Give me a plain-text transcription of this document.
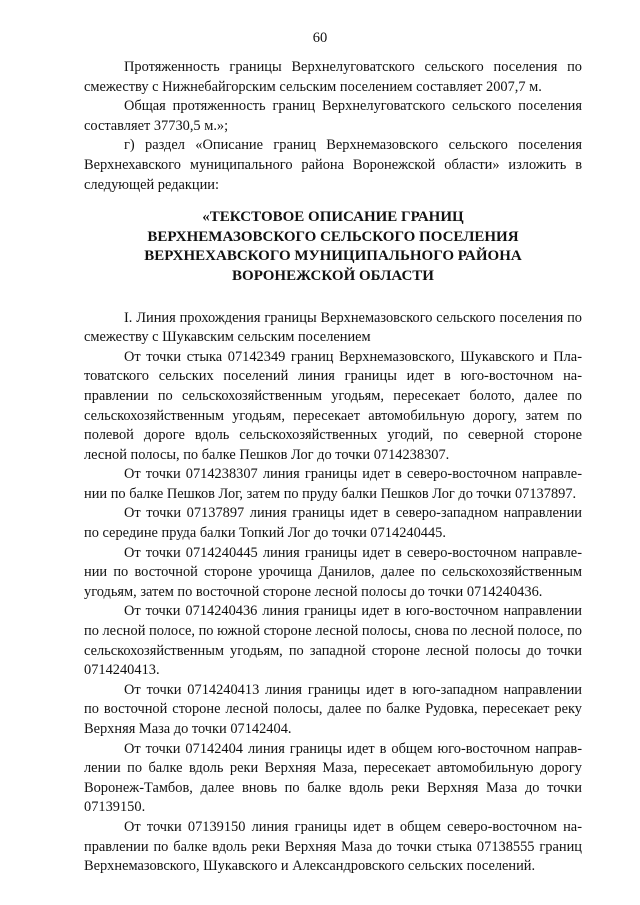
60

Протяженность границы Верхнелуговатского сельского поселения по смежеству с Нижнебайгорским сельским поселением составляет 2007,7 м.

Общая протяженность границ Верхнелуговатского сельского поселения составляет 37730,5 м.»;

г) раздел «Описание границ Верхнемазовского сельского поселения Верхнехавского муниципального района Воронежской области» изложить в следующей редакции:

«ТЕКСТОВОЕ ОПИСАНИЕ ГРАНИЦ
ВЕРХНЕМАЗОВСКОГО СЕЛЬСКОГО ПОСЕЛЕНИЯ
ВЕРХНЕХАВСКОГО МУНИЦИПАЛЬНОГО РАЙОНА
ВОРОНЕЖСКОЙ ОБЛАСТИ

I. Линия прохождения границы Верхнемазовского сельского поселения по смежеству с Шукавским сельским поселением

От точки стыка 07142349 границ Верхнемазовского, Шукавского и Платоватского сельских поселений линия границы идет в юго-восточном направлении по сельскохозяйственным угодьям, пересекает болото, далее по сельскохозяйственным угодьям, пересекает автомобильную дорогу, затем по полевой дороге вдоль сельскохозяйственных угодий, по северной стороне лесной полосы, по балке Пешков Лог до точки 0714238307.

От точки 0714238307 линия границы идет в северо-восточном направлении по балке Пешков Лог, затем по пруду балки Пешков Лог до точки 07137897.

От точки 07137897 линия границы идет в северо-западном направлении по середине пруда балки Топкий Лог до точки 0714240445.

От точки 0714240445 линия границы идет в северо-восточном направлении по восточной стороне урочища Данилов, далее по сельскохозяйственным угодьям, затем по восточной стороне лесной полосы до точки 0714240436.

От точки 0714240436 линия границы идет в юго-восточном направлении по лесной полосе, по южной стороне лесной полосы, снова по лесной полосе, по сельскохозяйственным угодьям, по западной стороне лесной полосы до точки 0714240413.

От точки 0714240413 линия границы идет в юго-западном направлении по восточной стороне лесной полосы, далее по балке Рудовка, пересекает реку Верхняя Маза до точки 07142404.

От точки 07142404 линия границы идет в общем юго-восточном направлении по балке вдоль реки Верхняя Маза, пересекает автомобильную дорогу Воронеж-Тамбов, далее вновь по балке вдоль реки Верхняя Маза до точки 07139150.

От точки 07139150 линия границы идет в общем северо-восточном направлении по балке вдоль реки Верхняя Маза до точки стыка 07138555 границ Верхнемазовского, Шукавского и Александровского сельских поселений.
